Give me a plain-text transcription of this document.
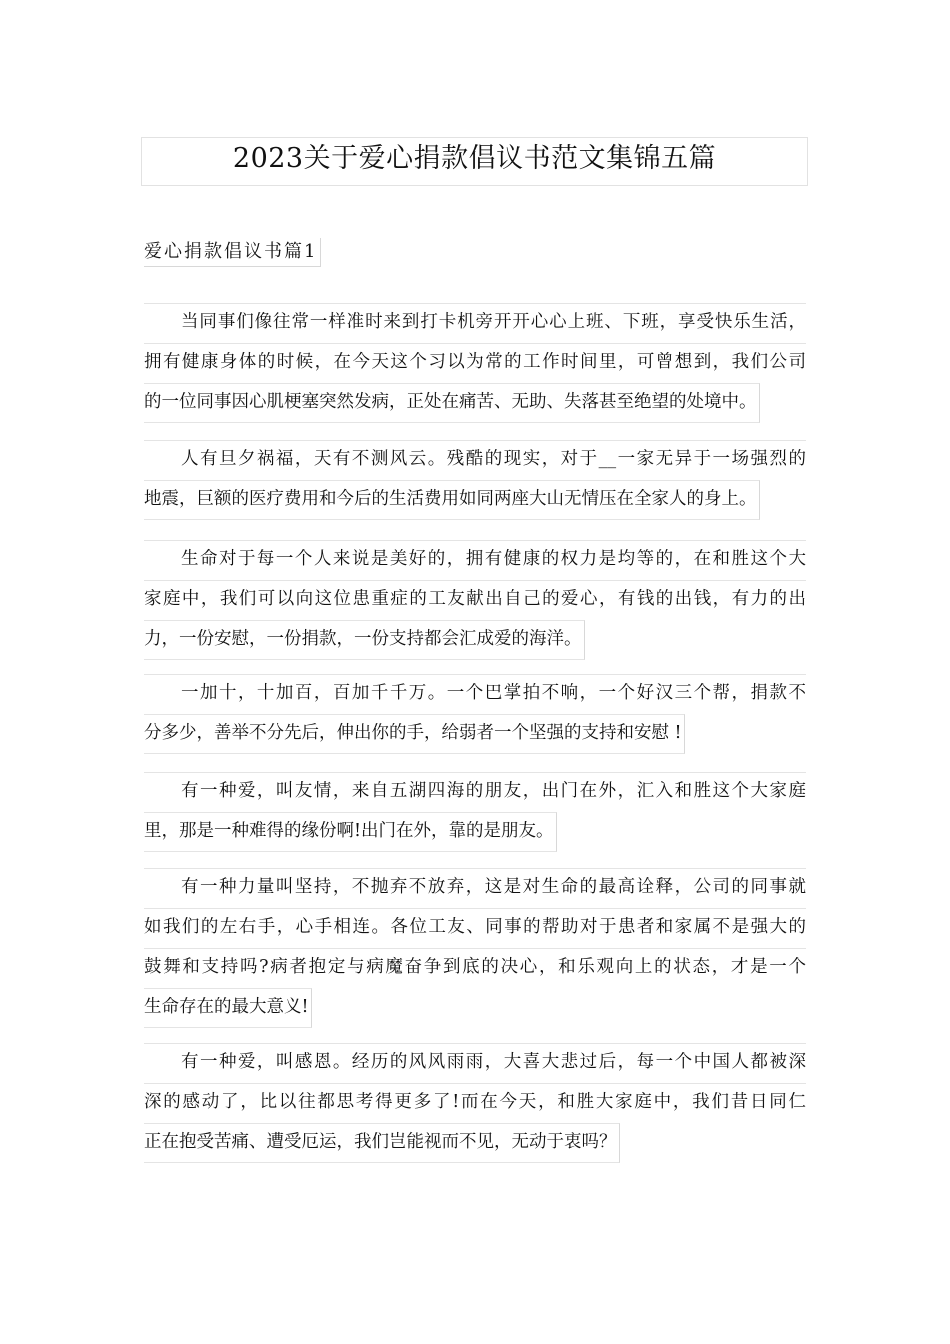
2023关于爱心捐款倡议书范文集锦五篇
爱心捐款倡议书篇1
当同事们像往常一样准时来到打卡机旁开开心心上班、下班，享受快乐生活，
拥有健康身体的时候，在今天这个习以为常的工作时间里，可曾想到，我们公司
的一位同事因心肌梗塞突然发病，正处在痛苦、无助、失落甚至绝望的处境中。
人有旦夕祸福，天有不测风云。残酷的现实，对于__一家无异于一场强烈的
地震，巨额的医疗费用和今后的生活费用如同两座大山无情压在全家人的身上。
生命对于每一个人来说是美好的，拥有健康的权力是均等的，在和胜这个大
家庭中，我们可以向这位患重症的工友献出自己的爱心，有钱的出钱，有力的出
力，一份安慰，一份捐款，一份支持都会汇成爱的海洋。
一加十，十加百，百加千千万。一个巴掌拍不响，一个好汉三个帮，捐款不
分多少，善举不分先后，伸出你的手，给弱者一个坚强的支持和安慰 !
有一种爱，叫友情，来自五湖四海的朋友，出门在外，汇入和胜这个大家庭
里，那是一种难得的缘份啊!出门在外，靠的是朋友。
有一种力量叫坚持，不抛弃不放弃，这是对生命的最高诠释，公司的同事就
如我们的左右手，心手相连。各位工友、同事的帮助对于患者和家属不是强大的
鼓舞和支持吗?病者抱定与病魔奋争到底的决心，和乐观向上的状态，才是一个
生命存在的最大意义!
有一种爱，叫感恩。经历的风风雨雨，大喜大悲过后，每一个中国人都被深
深的感动了，比以往都思考得更多了!而在今天，和胜大家庭中，我们昔日同仁
正在抱受苦痛、遭受厄运，我们岂能视而不见，无动于衷吗？
